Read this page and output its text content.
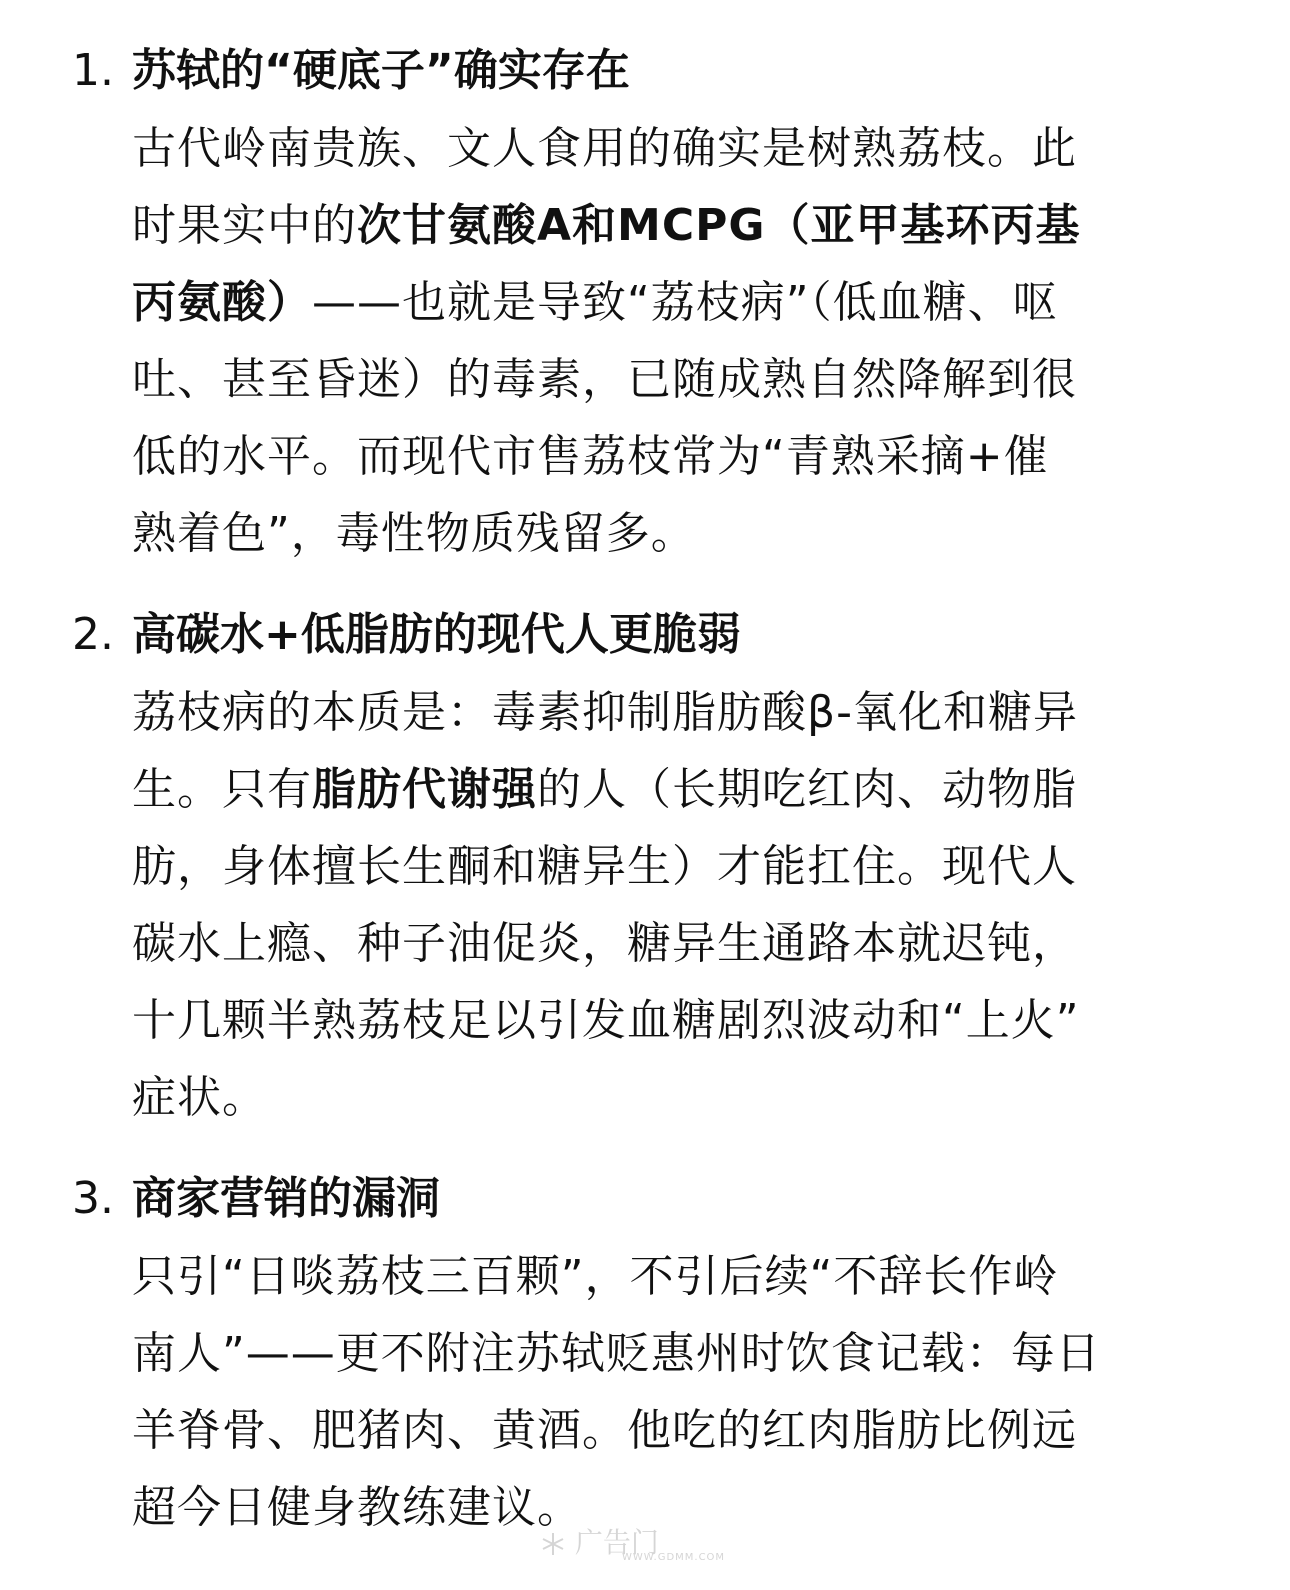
1. 苏轼的“硬底子”确实存在
古代岭南贵族、文人食用的确实是树熟荔枝。此
时果实中的次甘氨酸A和MCPG（亚甲基环丙基
丙氨酸）——也就是导致“荔枝病”（低血糖、呕
吐、甚至昏迷）的毒素，已随成熟自然降解到很
低的水平。而现代市售荔枝常为“青熟采摘+催
熟着色”，毒性物质残留多。
2. 高碳水+低脂肪的现代人更脆弱
荔枝病的本质是：毒素抑制脂肪酸β-氧化和糖异
生。只有脂肪代谢强的人（长期吃红肉、动物脂
肪，身体擅长生酮和糖异生）才能扛住。现代人
碳水上瘾、种子油促炎，糖异生通路本就迟钝，
十几颗半熟荔枝足以引发血糖剧烈波动和“上火”
症状。
3. 商家营销的漏洞
只引“日啖荔枝三百颗”，不引后续“不辞长作岭
南人”——更不附注苏轼贬惠州时饮食记载：每日
羊脊骨、肥猪肉、黄酒。他吃的红肉脂肪比例远
超今日健身教练建议。
广告门
WWW.GDMM.COM
